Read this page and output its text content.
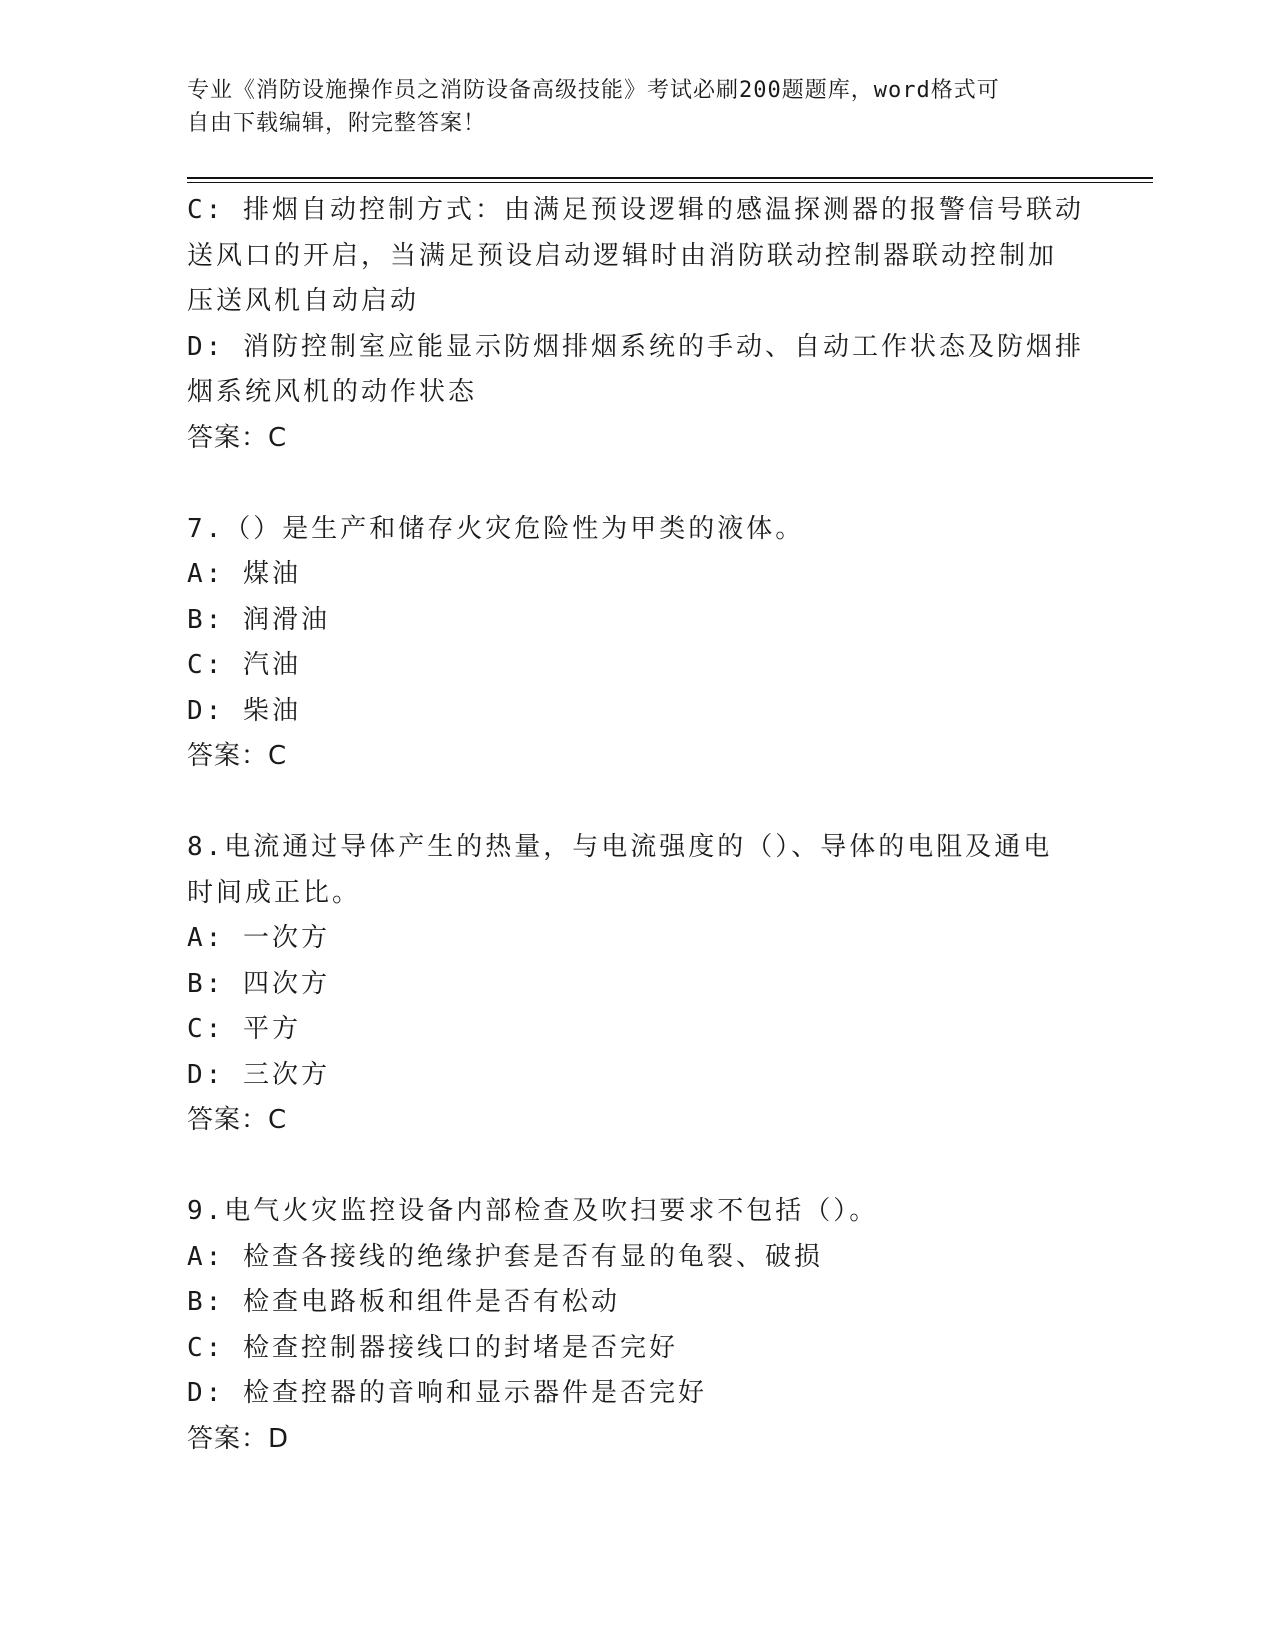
专业《消防设施操作员之消防设备高级技能》考试必刷200题题库，word格式可
自由下载编辑，附完整答案！
C: 排烟自动控制方式：由满足预设逻辑的感温探测器的报警信号联动
送风口的开启，当满足预设启动逻辑时由消防联动控制器联动控制加
压送风机自动启动
D: 消防控制室应能显示防烟排烟系统的手动、自动工作状态及防烟排
烟系统风机的动作状态
答案：C
7.（）是生产和储存火灾危险性为甲类的液体。
A: 煤油
B: 润滑油
C: 汽油
D: 柴油
答案：C
8.电流通过导体产生的热量，与电流强度的（）、导体的电阻及通电
时间成正比。
A: 一次方
B: 四次方
C: 平方
D: 三次方
答案：C
9.电气火灾监控设备内部检查及吹扫要求不包括（）。
A: 检查各接线的绝缘护套是否有显的龟裂、破损
B: 检查电路板和组件是否有松动
C: 检查控制器接线口的封堵是否完好
D: 检查控器的音响和显示器件是否完好
答案：D
